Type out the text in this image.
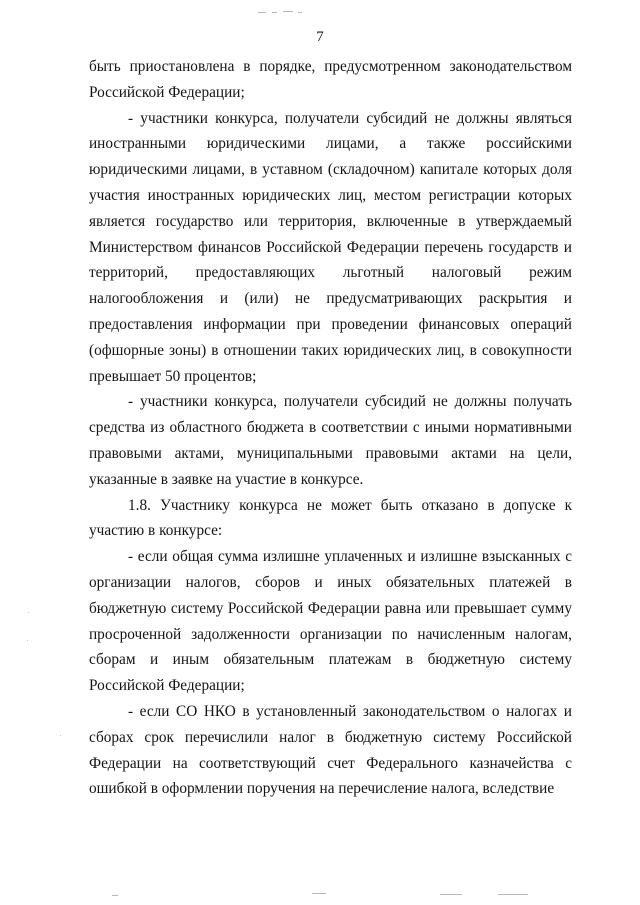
7

быть приостановлена в порядке, предусмотренном законодательством Российской Федерации;

- участники конкурса, получатели субсидий не должны являться иностранными юридическими лицами, а также российскими юридическими лицами, в уставном (складочном) капитале которых доля участия иностранных юридических лиц, местом регистрации которых является государство или территория, включенные в утверждаемый Министерством финансов Российской Федерации перечень государств и территорий, предоставляющих льготный налоговый режим налогообложения и (или) не предусматривающих раскрытия и предоставления информации при проведении финансовых операций (офшорные зоны) в отношении таких юридических лиц, в совокупности превышает 50 процентов;

- участники конкурса, получатели субсидий не должны получать средства из областного бюджета в соответствии с иными нормативными правовыми актами, муниципальными правовыми актами на цели, указанные в заявке на участие в конкурсе.

1.8. Участнику конкурса не может быть отказано в допуске к участию в конкурсе:

- если общая сумма излишне уплаченных и излишне взысканных с организации налогов, сборов и иных обязательных платежей в бюджетную систему Российской Федерации равна или превышает сумму просроченной задолженности организации по начисленным налогам, сборам и иным обязательным платежам в бюджетную систему Российской Федерации;

- если СО НКО в установленный законодательством о налогах и сборах срок перечислили налог в бюджетную систему Российской Федерации на соответствующий счет Федерального казначейства с ошибкой в оформлении поручения на перечисление налога, вследствие
